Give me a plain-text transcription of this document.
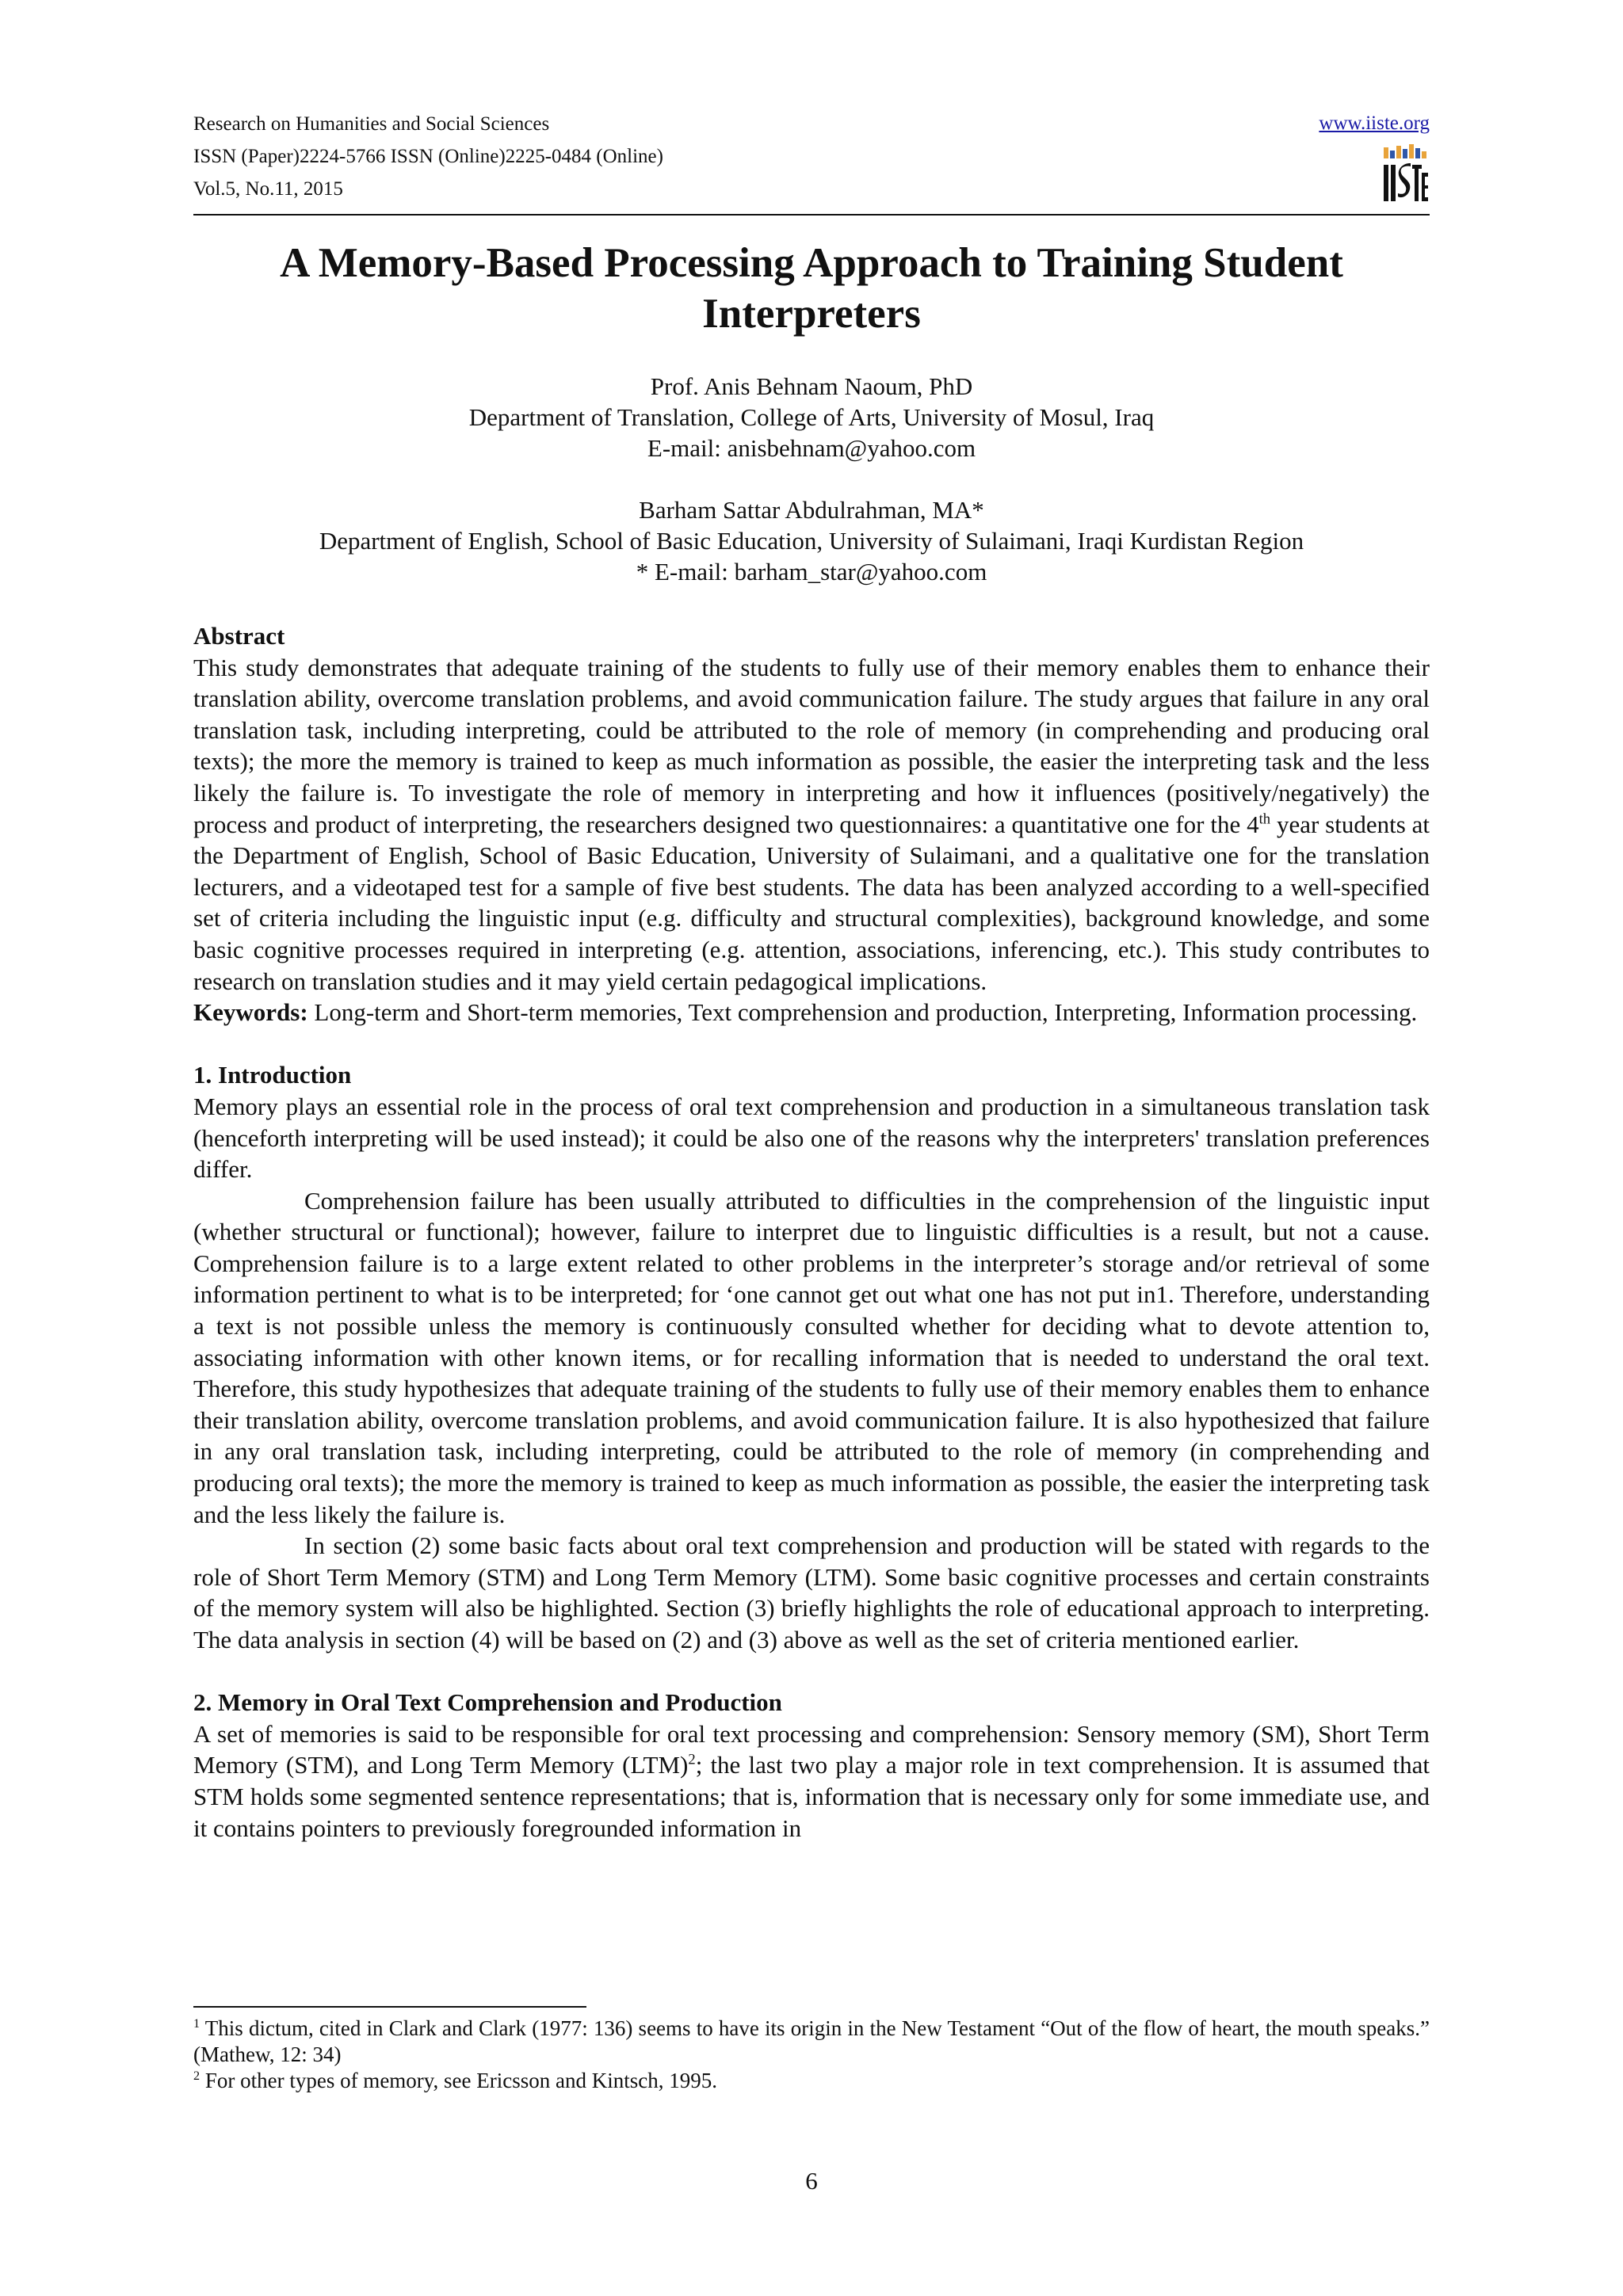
Research on Humanities and Social Sciences
ISSN (Paper)2224-5766 ISSN (Online)2225-0484 (Online)
Vol.5, No.11, 2015
www.iiste.org
A Memory-Based Processing Approach to Training Student
Interpreters

Prof. Anis Behnam Naoum, PhD

Department of Translation, College of Arts, University of Mosul, Iraq

E-mail: anisbehnam@yahoo.com

Barham Sattar Abdulrahman, MA*

Department of English, School of Basic Education, University of Sulaimani, Iraqi Kurdistan Region

* E-mail: barham_star@yahoo.com

Abstract

This study demonstrates that adequate training of the students to fully use of their memory enables them to enhance their translation ability, overcome translation problems, and avoid communication failure. The study argues that failure in any oral translation task, including interpreting, could be attributed to the role of memory (in comprehending and producing oral texts); the more the memory is trained to keep as much information as possible, the easier the interpreting task and the less likely the failure is. To investigate the role of memory in interpreting and how it influences (positively/negatively) the process and product of interpreting, the researchers designed two questionnaires: a quantitative one for the 4th year students at the Department of English, School of Basic Education, University of Sulaimani, and a qualitative one for the translation lecturers, and a videotaped test for a sample of five best students. The data has been analyzed according to a well-specified set of criteria including the linguistic input (e.g. difficulty and structural complexities), background knowledge, and some basic cognitive processes required in interpreting (e.g. attention, associations, inferencing, etc.). This study contributes to research on translation studies and it may yield certain pedagogical implications.

Keywords: Long-term and Short-term memories, Text comprehension and production, Interpreting, Information processing.

1. Introduction

Memory plays an essential role in the process of oral text comprehension and production in a simultaneous translation task (henceforth interpreting will be used instead); it could be also one of the reasons why the interpreters' translation preferences differ.

Comprehension failure has been usually attributed to difficulties in the comprehension of the linguistic input (whether structural or functional); however, failure to interpret due to linguistic difficulties is a result, but not a cause. Comprehension failure is to a large extent related to other problems in the interpreter’s storage and/or retrieval of some information pertinent to what is to be interpreted; for ‘one cannot get out what one has not put in1. Therefore, understanding a text is not possible unless the memory is continuously consulted whether for deciding what to devote attention to, associating information with other known items, or for recalling information that is needed to understand the oral text. Therefore, this study hypothesizes that adequate training of the students to fully use of their memory enables them to enhance their translation ability, overcome translation problems, and avoid communication failure. It is also hypothesized that failure in any oral translation task, including interpreting, could be attributed to the role of memory (in comprehending and producing oral texts); the more the memory is trained to keep as much information as possible, the easier the interpreting task and the less likely the failure is.

In section (2) some basic facts about oral text comprehension and production will be stated with regards to the role of Short Term Memory (STM) and Long Term Memory (LTM). Some basic cognitive processes and certain constraints of the memory system will also be highlighted. Section (3) briefly highlights the role of educational approach to interpreting. The data analysis in section (4) will be based on (2) and (3) above as well as the set of criteria mentioned earlier.

2. Memory in Oral Text Comprehension and Production

A set of memories is said to be responsible for oral text processing and comprehension: Sensory memory (SM), Short Term Memory (STM), and Long Term Memory (LTM)$^2$; the last two play a major role in text comprehension. It is assumed that STM holds some segmented sentence representations; that is, information that is necessary only for some immediate use, and it contains pointers to previously foregrounded information in

$^1$ This dictum, cited in Clark and Clark (1977: 136) seems to have its origin in the New Testament “Out of the flow of heart, the mouth speaks.” (Mathew, 12: 34)

$^2$ For other types of memory, see Ericsson and Kintsch, 1995.

6
